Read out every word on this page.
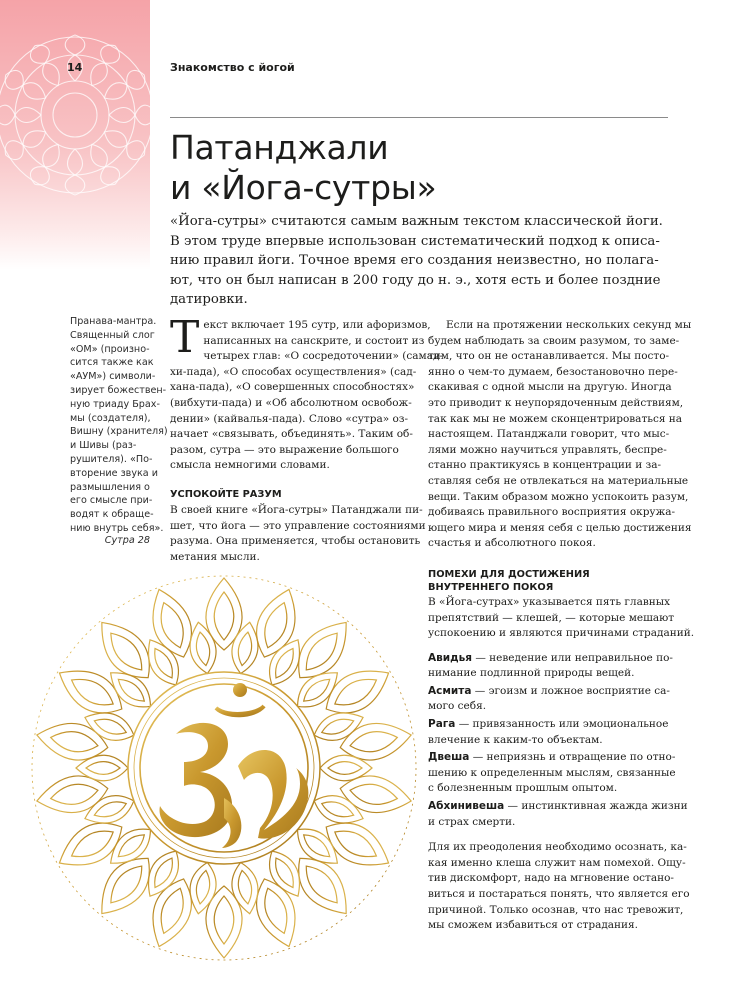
14	Знакомство с йогой
Патанджали
и «Йога-сутры»
«Йога-сутры» считаются самым важным текстом классической йоги.
В этом труде впервые использован систематический подход к описа-
нию правил йоги. Точное время его создания неизвестно, но полага-
ют, что он был написан в 200 году до н. э., хотя есть и более поздние
датировки.
Пранава-мантра.
Священный слог
«ОМ» (произно-
сится также как
«АУМ») символи-
зирует божествен-
ную триаду Брах-
мы (создателя),
Вишну (хранителя)
и Шивы (раз-
рушителя). «По-
вторение звука и
размышления о
его смысле при-
водят к обраще-
нию внутрь себя».
Сутра 28
Т екст включает 195 сутр, или афоризмов,
написанных на санскрите, и состоит из
четырех глав: «О сосредоточении» (самад-
хи-пада), «О способах осуществления» (сад-
хана-пада), «О совершенных способностях»
(вибхути-пада) и «Об абсолютном освобож-
дении» (кайвалья-пада). Слово «сутра» оз-
начает «связывать, объединять». Таким об-
разом, сутра — это выражение большого
смысла немногими словами.
УСПОКОЙТЕ РАЗУМ
В своей книге «Йога-сутры» Патанджали пи-
шет, что йога — это управление состояниями
разума. Она применяется, чтобы остановить
метания мысли.
Если на протяжении нескольких секунд мы
будем наблюдать за своим разумом, то заме-
тим, что он не останавливается. Мы посто-
янно о чем-то думаем, безостановочно пере-
скакивая с одной мысли на другую. Иногда
это приводит к неупорядоченным действиям,
так как мы не можем сконцентрироваться на
настоящем. Патанджали говорит, что мыс-
лями можно научиться управлять, беспре-
станно практикуясь в концентрации и за-
ставляя себя не отвлекаться на материальные
вещи. Таким образом можно успокоить разум,
добиваясь правильного восприятия окружа-
ющего мира и меняя себя с целью достижения
счастья и абсолютного покоя.
ПОМЕХИ ДЛЯ ДОСТИЖЕНИЯ
ВНУТРЕННЕГО ПОКОЯ
В «Йога-сутрах» указывается пять главных
препятствий — клешей, — которые мешают
успокоению и являются причинами страданий.
Авидья — неведение или неправильное по-
нимание подлинной природы вещей.
Асмита — эгоизм и ложное восприятие са-
мого себя.
Рага — привязанность или эмоциональное
влечение к каким-то объектам.
Двеша — неприязнь и отвращение по отно-
шению к определенным мыслям, связанные
с болезненным прошлым опытом.
Абхинивеша — инстинктивная жажда жизни
и страх смерти.
Для их преодоления необходимо осознать, ка-
кая именно клеша служит нам помехой. Ощу-
тив дискомфорт, надо на мгновение остано-
виться и постараться понять, что является его
причиной. Только осознав, что нас тревожит,
мы сможем избавиться от страдания.
